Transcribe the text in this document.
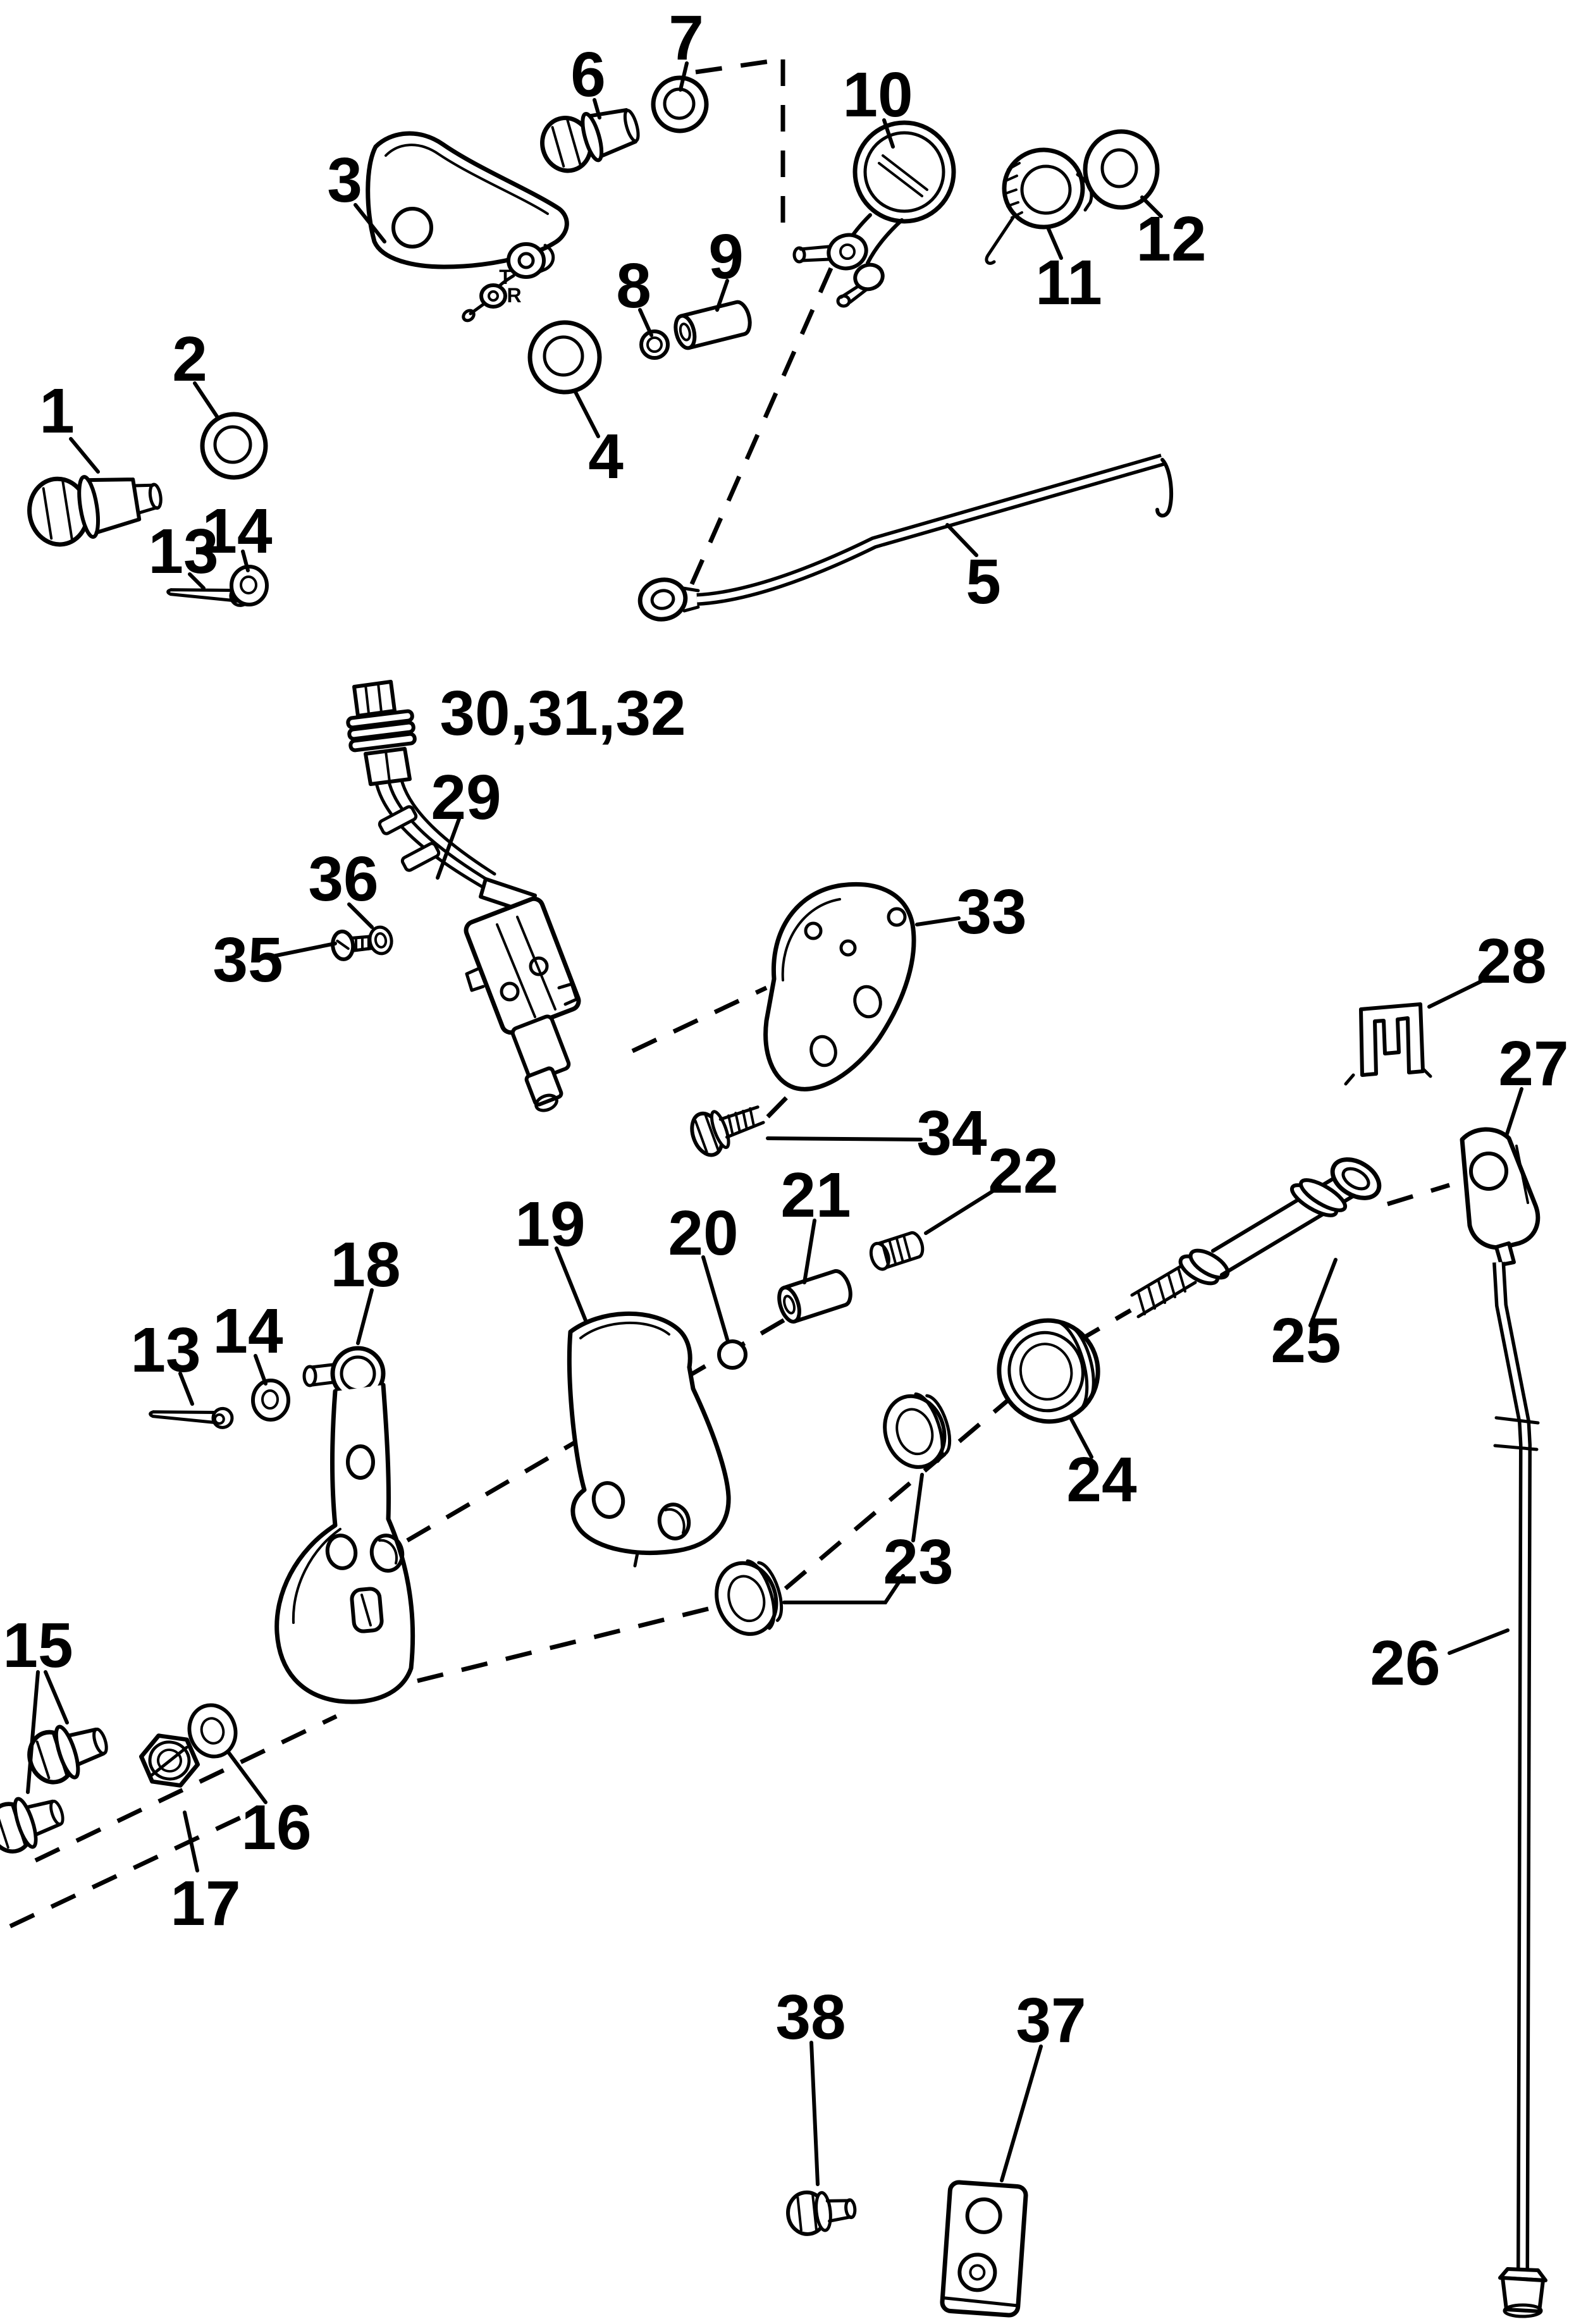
1
2
3
4
5
6
7
8 9
10
11
12
13
14
30,31,32
29
33
36
35
34
28
27
21 22
19 20
18
13 14	25
24
23
15	26
16
17
38	37
T
R
